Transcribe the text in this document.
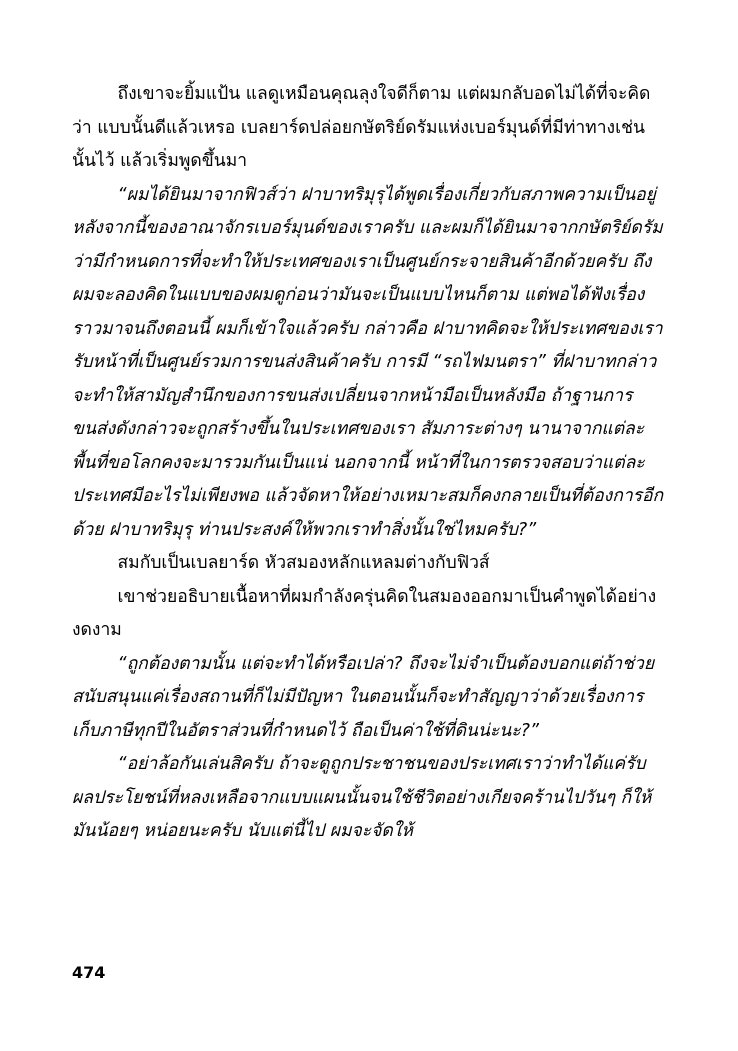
ถึงเขาจะยิ้มแป้น แลดูเหมือนคุณลุงใจดีก็ตาม แต่ผมกลับอดไม่ได้ที่จะคิดว่า แบบนั้นดีแล้วเหรอ เบลยาร์ดปล่อยกษัตริย์ดรัมแห่งเบอร์มุนด์ที่มีท่าทางเช่นนั้นไว้ แล้วเริ่มพูดขึ้นมา

“ผมได้ยินมาจากฟิวส์ว่า ฝาบาทริมุรุได้พูดเรื่องเกี่ยวกับสภาพความเป็นอยู่หลังจากนี้ของอาณาจักรเบอร์มุนด์ของเราครับ และผมก็ได้ยินมาจากกษัตริย์ดรัมว่ามีกำหนดการที่จะทำให้ประเทศของเราเป็นศูนย์กระจายสินค้าอีกด้วยครับ ถึงผมจะลองคิดในแบบของผมดูก่อนว่ามันจะเป็นแบบไหนก็ตาม แต่พอได้ฟังเรื่องราวมาจนถึงตอนนี้ ผมก็เข้าใจแล้วครับ กล่าวคือ ฝาบาทคิดจะให้ประเทศของเรารับหน้าที่เป็นศูนย์รวมการขนส่งสินค้าครับ การมี “รถไฟมนตรา” ที่ฝาบาทกล่าวจะทำให้สามัญสำนึกของการขนส่งเปลี่ยนจากหน้ามือเป็นหลังมือ ถ้าฐานการขนส่งดังกล่าวจะถูกสร้างขึ้นในประเทศของเรา สัมภาระต่างๆ นานาจากแต่ละพื้นที่ขอโลกคงจะมารวมกันเป็นแน่ นอกจากนี้ หน้าที่ในการตรวจสอบว่าแต่ละประเทศมีอะไรไม่เพียงพอ แล้วจัดหาให้อย่างเหมาะสมก็คงกลายเป็นที่ต้องการอีกด้วย ฝาบาทริมุรุ ท่านประสงค์ให้พวกเราทำสิ่งนั้นใช่ไหมครับ?”

สมกับเป็นเบลยาร์ด หัวสมองหลักแหลมต่างกับฟิวส์

เขาช่วยอธิบายเนื้อหาที่ผมกำลังครุ่นคิดในสมองออกมาเป็นคำพูดได้อย่างงดงาม

“ถูกต้องตามนั้น แต่จะทำได้หรือเปล่า? ถึงจะไม่จำเป็นต้องบอกแต่ถ้าช่วยสนับสนุนแค่เรื่องสถานที่ก็ไม่มีปัญหา ในตอนนั้นก็จะทำสัญญาว่าด้วยเรื่องการเก็บภาษีทุกปีในอัตราส่วนที่กำหนดไว้ ถือเป็นค่าใช้ที่ดินน่ะนะ?”

“อย่าล้อกันเล่นสิครับ ถ้าจะดูถูกประชาชนของประเทศเราว่าทำได้แค่รับผลประโยชน์ที่หลงเหลือจากแบบแผนนั้นจนใช้ชีวิตอย่างเกียจคร้านไปวันๆ ก็ให้มันน้อยๆ หน่อยนะครับ นับแต่นี้ไป ผมจะจัดให้

474
